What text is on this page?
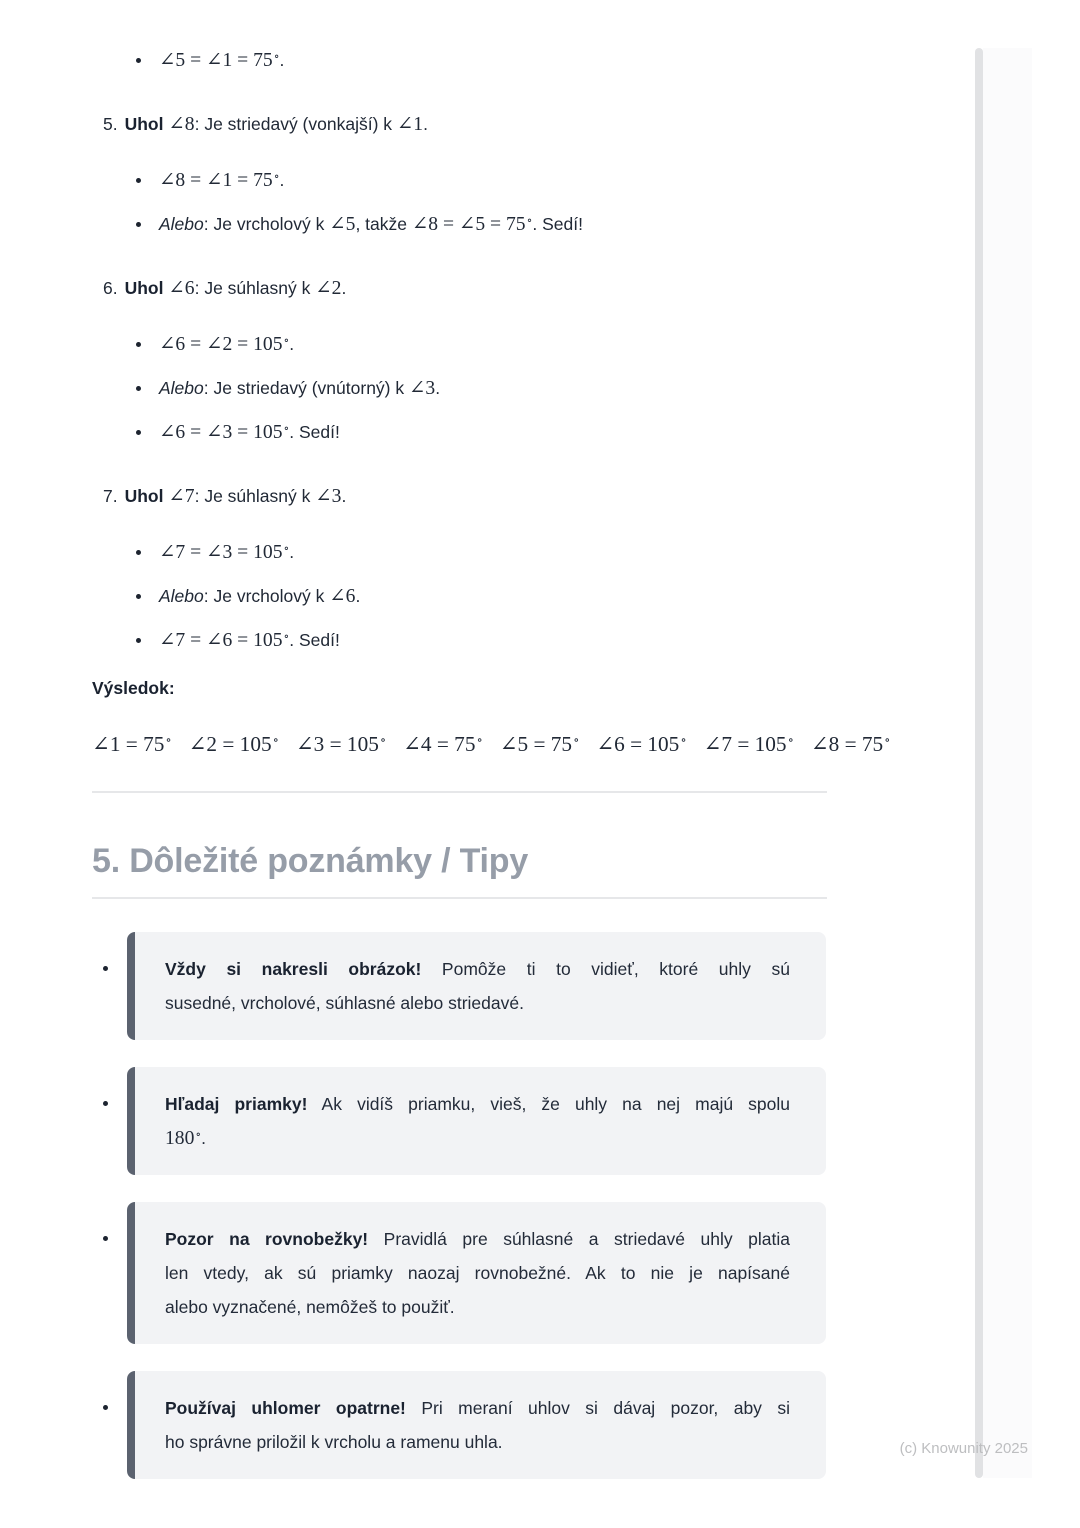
∠5 = ∠1 = 75∘.
5. Uhol ∠8: Je striedavý (vonkajší) k ∠1.
∠8 = ∠1 = 75∘.
Alebo: Je vrcholový k ∠5, takže ∠8 = ∠5 = 75∘. Sedí!
6. Uhol ∠6: Je súhlasný k ∠2.
∠6 = ∠2 = 105∘.
Alebo: Je striedavý (vnútorný) k ∠3.
∠6 = ∠3 = 105∘. Sedí!
7. Uhol ∠7: Je súhlasný k ∠3.
∠7 = ∠3 = 105∘.
Alebo: Je vrcholový k ∠6.
∠7 = ∠6 = 105∘. Sedí!
Výsledok:
∠1 = 75∘ ∠2 = 105∘ ∠3 = 105∘ ∠4 = 75∘ ∠5 = 75∘ ∠6 = 105∘ ∠7 = 105∘ ∠8 = 75∘
5. Dôležité poznámky / Tipy
Vždy si nakresli obrázok! Pomôže ti to vidieť, ktoré uhly sú
susedné, vrcholové, súhlasné alebo striedavé.
Hľadaj priamky! Ak vidíš priamku, vieš, že uhly na nej majú spolu
180∘.
Pozor na rovnobežky! Pravidlá pre súhlasné a striedavé uhly platia
len vtedy, ak sú priamky naozaj rovnobežné. Ak to nie je napísané
alebo vyznačené, nemôžeš to použiť.
Používaj uhlomer opatrne! Pri meraní uhlov si dávaj pozor, aby si
ho správne priložil k vrcholu a ramenu uhla.	(c) Knowunity 2025
